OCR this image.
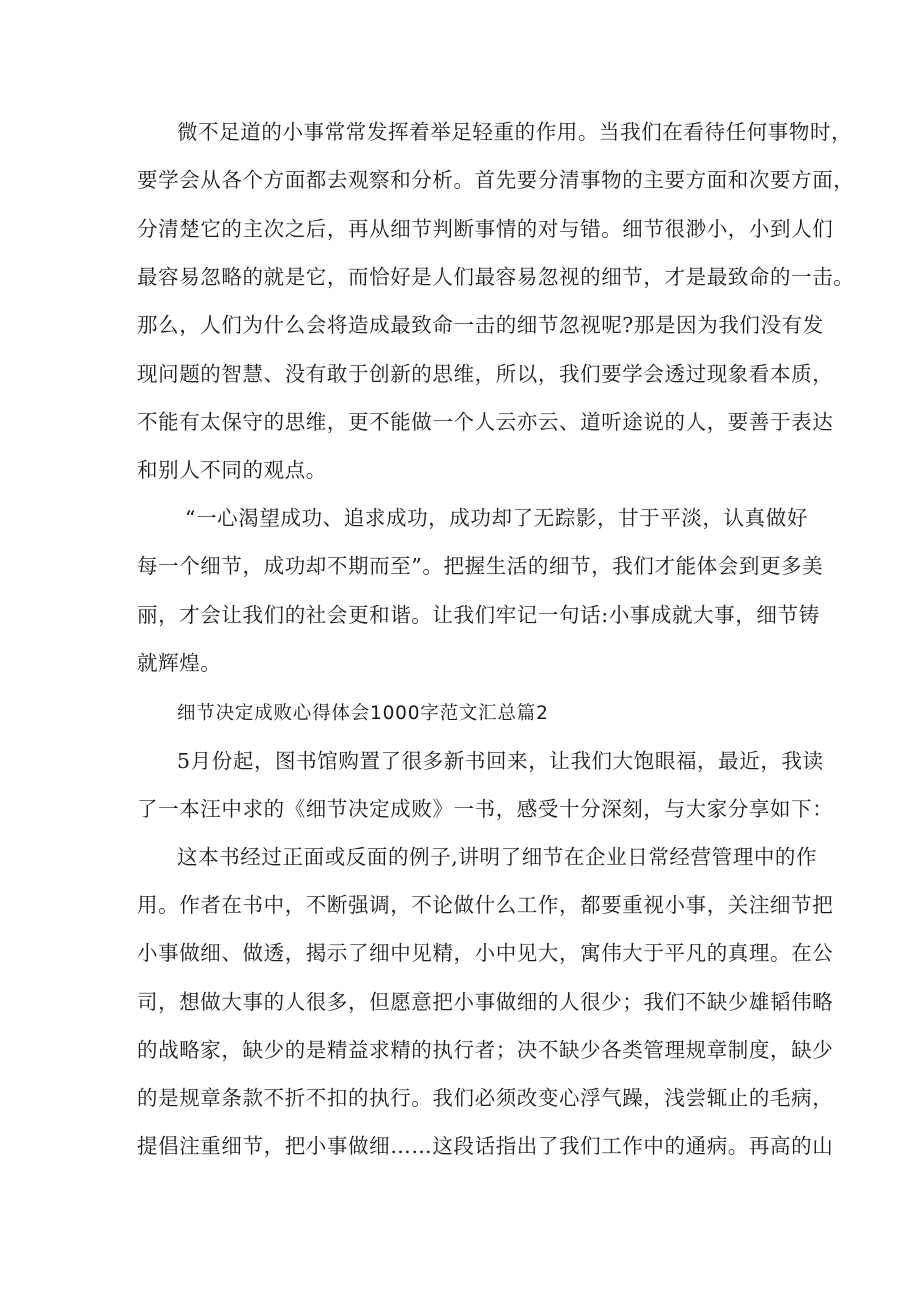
微不足道的小事常常发挥着举足轻重的作用。当我们在看待任何事物时，
要学会从各个方面都去观察和分析。首先要分清事物的主要方面和次要方面，
分清楚它的主次之后，再从细节判断事情的对与错。细节很渺小，小到人们
最容易忽略的就是它，而恰好是人们最容易忽视的细节，才是最致命的一击。
那么，人们为什么会将造成最致命一击的细节忽视呢?那是因为我们没有发
现问题的智慧、没有敢于创新的思维，所以，我们要学会透过现象看本质，
不能有太保守的思维，更不能做一个人云亦云、道听途说的人，要善于表达
和别人不同的观点。
“一心渴望成功、追求成功，成功却了无踪影，甘于平淡，认真做好
每一个细节，成功却不期而至”。把握生活的细节，我们才能体会到更多美
丽，才会让我们的社会更和谐。让我们牢记一句话:小事成就大事，细节铸
就辉煌。
细节决定成败心得体会1000字范文汇总篇2
5月份起，图书馆购置了很多新书回来，让我们大饱眼福，最近，我读
了一本汪中求的《细节决定成败》一书，感受十分深刻，与大家分享如下：
这本书经过正面或反面的例子,讲明了细节在企业日常经营管理中的作
用。作者在书中，不断强调，不论做什么工作，都要重视小事，关注细节把
小事做细、做透，揭示了细中见精，小中见大，寓伟大于平凡的真理。在公
司，想做大事的人很多，但愿意把小事做细的人很少；我们不缺少雄韬伟略
的战略家，缺少的是精益求精的执行者；决不缺少各类管理规章制度，缺少
的是规章条款不折不扣的执行。我们必须改变心浮气躁，浅尝辄止的毛病，
提倡注重细节，把小事做细……这段话指出了我们工作中的通病。再高的山
